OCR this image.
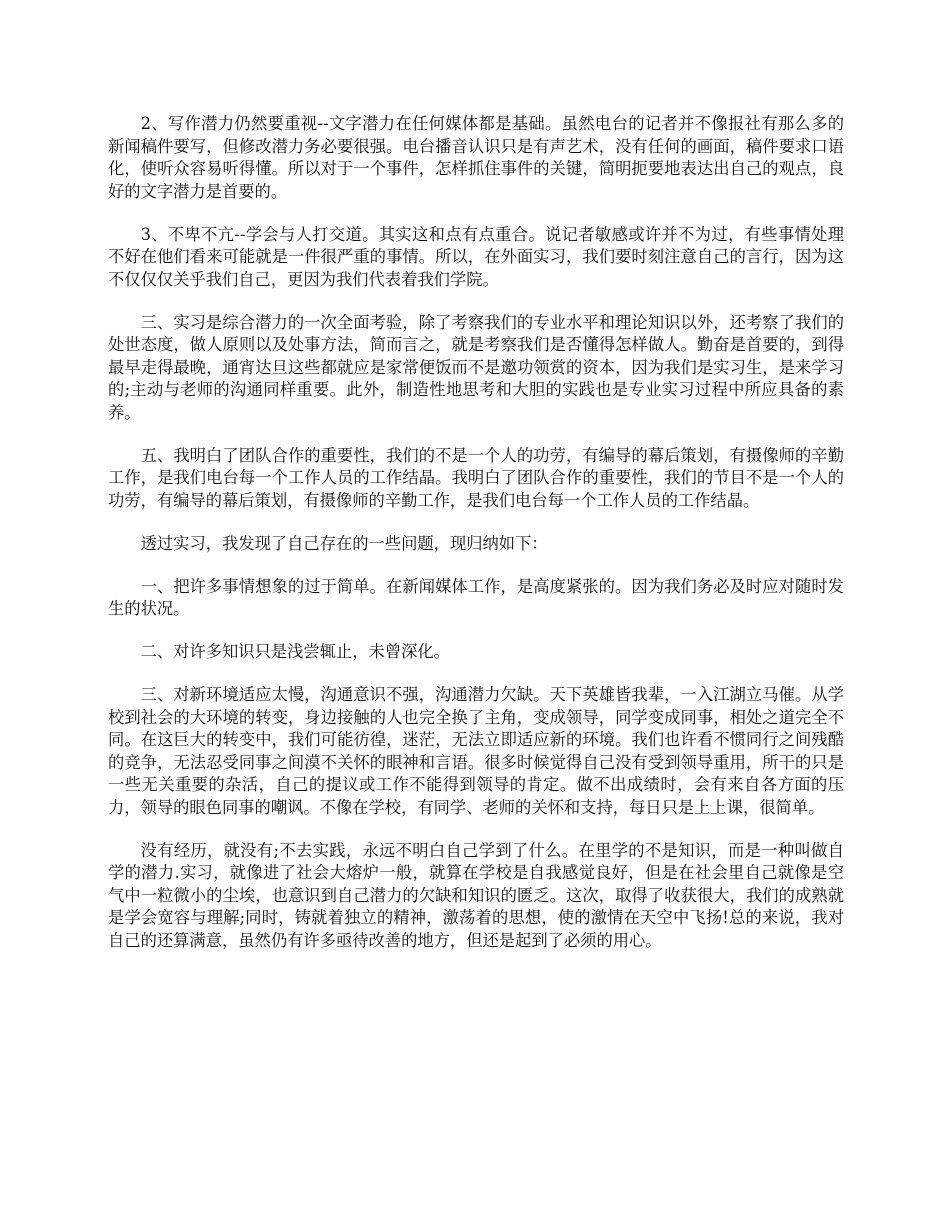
2、写作潜力仍然要重视--文字潜力在任何媒体都是基础。虽然电台的记者并不像报社有那么多的新闻稿件要写，但修改潜力务必要很强。电台播音认识只是有声艺术，没有任何的画面，稿件要求口语化，使听众容易听得懂。所以对于一个事件，怎样抓住事件的关键，简明扼要地表达出自己的观点，良好的文字潜力是首要的。

3、不卑不亢--学会与人打交道。其实这和点有点重合。说记者敏感或许并不为过，有些事情处理不好在他们看来可能就是一件很严重的事情。所以，在外面实习，我们要时刻注意自己的言行，因为这不仅仅仅关乎我们自己，更因为我们代表着我们学院。

三、实习是综合潜力的一次全面考验，除了考察我们的专业水平和理论知识以外，还考察了我们的处世态度，做人原则以及处事方法，简而言之，就是考察我们是否懂得怎样做人。勤奋是首要的，到得最早走得最晚，通宵达旦这些都就应是家常便饭而不是邀功领赏的资本，因为我们是实习生，是来学习的;主动与老师的沟通同样重要。此外，制造性地思考和大胆的实践也是专业实习过程中所应具备的素养。

五、我明白了团队合作的重要性，我们的不是一个人的功劳，有编导的幕后策划，有摄像师的辛勤工作，是我们电台每一个工作人员的工作结晶。我明白了团队合作的重要性，我们的节目不是一个人的功劳，有编导的幕后策划，有摄像师的辛勤工作，是我们电台每一个工作人员的工作结晶。

透过实习，我发现了自己存在的一些问题，现归纳如下：

一、把许多事情想象的过于简单。在新闻媒体工作，是高度紧张的。因为我们务必及时应对随时发生的状况。

二、对许多知识只是浅尝辄止，未曾深化。

三、对新环境适应太慢，沟通意识不强，沟通潜力欠缺。天下英雄皆我辈，一入江湖立马催。从学校到社会的大环境的转变，身边接触的人也完全换了主角，变成领导，同学变成同事，相处之道完全不同。在这巨大的转变中，我们可能彷徨，迷茫，无法立即适应新的环境。我们也许看不惯同行之间残酷的竞争，无法忍受同事之间漠不关怀的眼神和言语。很多时候觉得自己没有受到领导重用，所干的只是一些无关重要的杂活，自己的提议或工作不能得到领导的肯定。做不出成绩时，会有来自各方面的压力，领导的眼色同事的嘲讽。不像在学校，有同学、老师的关怀和支持，每日只是上上课，很简单。

没有经历，就没有;不去实践，永远不明白自己学到了什么。在里学的不是知识，而是一种叫做自学的潜力.实习，就像进了社会大熔炉一般，就算在学校是自我感觉良好，但是在社会里自己就像是空气中一粒微小的尘埃，也意识到自己潜力的欠缺和知识的匮乏。这次，取得了收获很大，我们的成熟就是学会宽容与理解;同时，铸就着独立的精神，激荡着的思想，使的激情在天空中飞扬!总的来说，我对自己的还算满意，虽然仍有许多亟待改善的地方，但还是起到了必须的用心。
